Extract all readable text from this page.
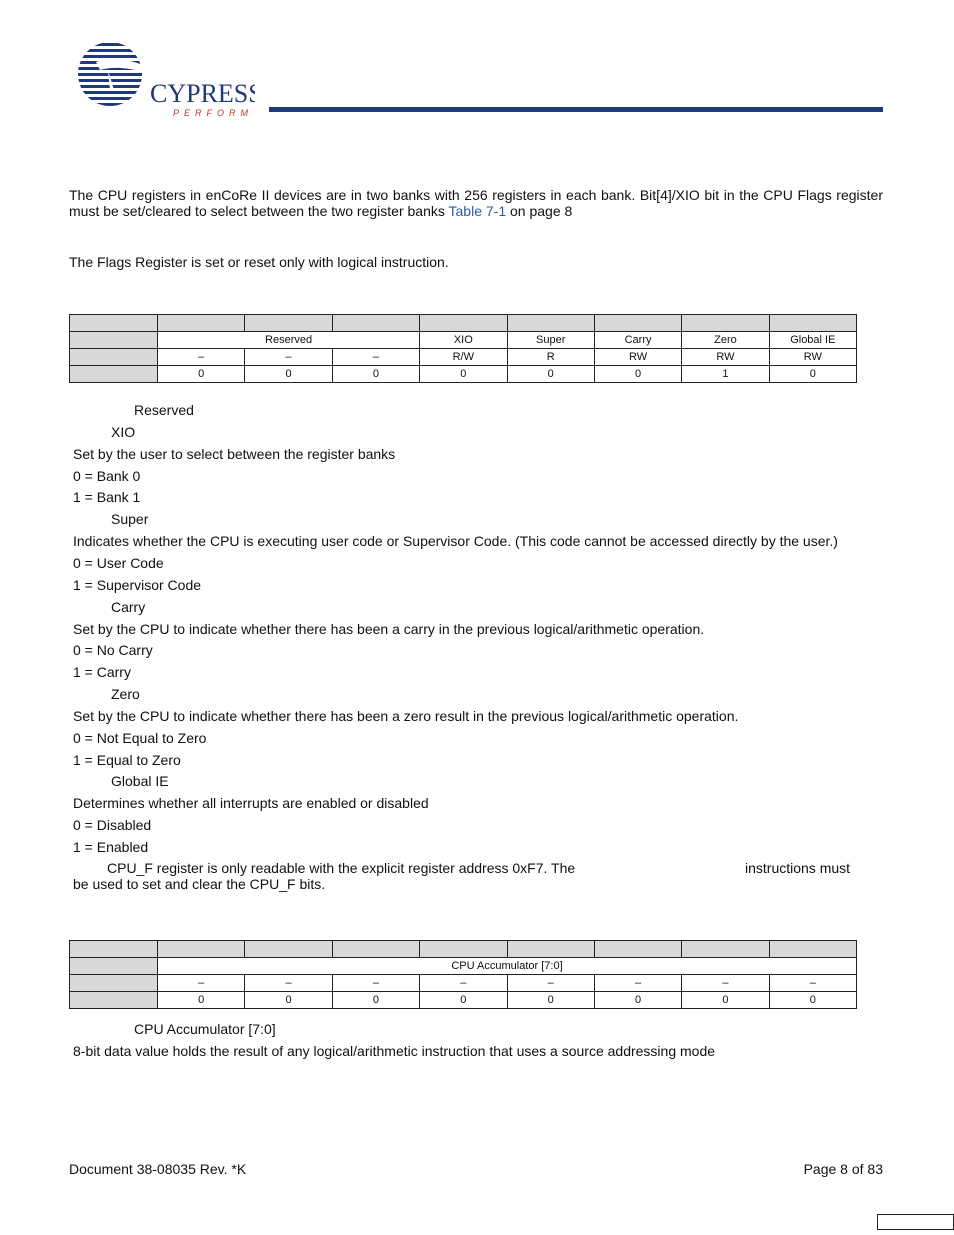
CYPRESS
PERFORM
The CPU registers in enCoRe II devices are in two banks with 256 registers in each bank. Bit[4]/XIO bit in the CPU Flags register must be set/cleared to select between the two register banks Table 7-1 on page 8
The Flags Register is set or reset only with logical instruction.

	Reserved			XIO	Super	Carry	Zero	Global IE
	–	–	–	R/W	R	RW	RW	RW
	0	0	0	0	0	0	1	0
Reserved
XIO
Set by the user to select between the register banks
0 = Bank 0
1 = Bank 1
Super
Indicates whether the CPU is executing user code or Supervisor Code. (This code cannot be accessed directly by the user.)
0 = User Code
1 = Supervisor Code
Carry
Set by the CPU to indicate whether there has been a carry in the previous logical/arithmetic operation.
0 = No Carry
1 = Carry
Zero
Set by the CPU to indicate whether there has been a zero result in the previous logical/arithmetic operation.
0 = Not Equal to Zero
1 = Equal to Zero
Global IE
Determines whether all interrupts are enabled or disabled
0 = Disabled
1 = Enabled
CPU_F register is only readable with the explicit register address 0xF7. The	instructions must
be used to set and clear the CPU_F bits.

	CPU Accumulator [7:0]							
	–	–	–	–	–	–	–	–
	0	0	0	0	0	0	0	0
CPU Accumulator [7:0]
8-bit data value holds the result of any logical/arithmetic instruction that uses a source addressing mode
Document 38-08035 Rev. *K	Page 8 of 83
